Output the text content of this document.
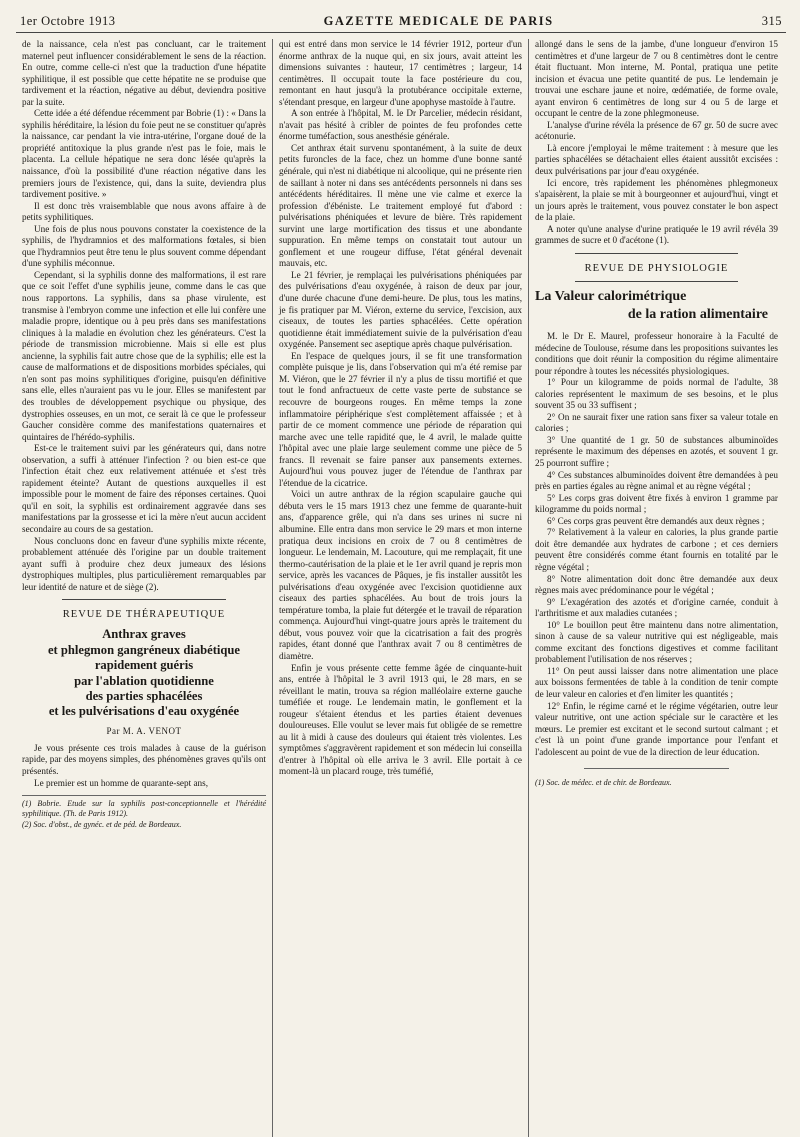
1er Octobre 1913	GAZETTE MEDICALE DE PARIS	315

de la naissance, cela n'est pas concluant, car le traitement maternel peut influencer considérablement le sens de la réaction. En outre, comme celle-ci n'est que la traduction d'une hépatite syphilitique, il est possible que cette hépatite ne se produise que tardivement et la réaction, négative au début, deviendra positive par la suite.

Cette idée a été défendue récemment par Bobrie (1) : « Dans la syphilis héréditaire, la lésion du foie peut ne se constituer qu'après la naissance, car pendant la vie intra-utérine, l'organe doué de la propriété antitoxique la plus grande n'est pas le foie, mais le placenta. La cellule hépatique ne sera donc lésée qu'après la naissance, d'où la possibilité d'une réaction négative dans les premiers jours de l'existence, qui, dans la suite, deviendra plus tardivement positive. »

Il est donc très vraisemblable que nous avons affaire à de petits syphilitiques.

Une fois de plus nous pouvons constater la coexistence de la syphilis, de l'hydramnios et des malformations fœtales, si bien que l'hydramnios peut être tenu le plus souvent comme dépendant d'une syphilis méconnue.

Cependant, si la syphilis donne des malformations, il est rare que ce soit l'effet d'une syphilis jeune, comme dans le cas que nous rapportons. La syphilis, dans sa phase virulente, est transmise à l'embryon comme une infection et elle lui confère une maladie propre, identique ou à peu près dans ses manifestations cliniques à la maladie en évolution chez les générateurs. C'est la période de transmission microbienne. Mais si elle est plus ancienne, la syphilis fait autre chose que de la syphilis; elle est la cause de malformations et de dispositions morbides spéciales, qui n'en sont pas moins syphilitiques d'origine, puisqu'en définitive sans elle, elles n'auraient pas vu le jour. Elles se manifestent par des troubles de développement psychique ou physique, des dystrophies osseuses, en un mot, ce serait là ce que le professeur Gaucher considère comme des manifestations quaternaires et quintaires de l'hérédo-syphilis.

Est-ce le traitement suivi par les générateurs qui, dans notre observation, a suffi à atténuer l'infection ? ou bien est-ce que l'infection était chez eux relativement atténuée et s'est très rapidement éteinte? Autant de questions auxquelles il est impossible pour le moment de faire des réponses certaines. Quoi qu'il en soit, la syphilis est ordinairement aggravée dans ses manifestations par la grossesse et ici la mère n'eut aucun accident secondaire au cours de sa gestation.

Nous concluons donc en faveur d'une syphilis mixte récente, probablement atténuée dès l'origine par un double traitement ayant suffi à produire chez deux jumeaux des lésions dystrophiques multiples, plus particulièrement remarquables par leur identité de nature et de siège (2).

REVUE DE THÉRAPEUTIQUE
Anthrax graves
et phlegmon gangréneux diabétique
rapidement guéris
par l'ablation quotidienne
des parties sphacélées
et les pulvérisations d'eau oxygénée
Par M. A. VENOT

Je vous présente ces trois malades à cause de la guérison rapide, par des moyens simples, des phénomènes graves qu'ils ont présentés.

Le premier est un homme de quarante-sept ans,

(1) Bobrie. Etude sur la syphilis post-conceptionnelle et l'hérédité syphilitique. (Th. de Paris 1912).

(2) Soc. d'obst., de gynéc. et de péd. de Bordeaux.

qui est entré dans mon service le 14 février 1912, porteur d'un énorme anthrax de la nuque qui, en six jours, avait atteint les dimensions suivantes : hauteur, 17 centimètres ; largeur, 14 centimètres. Il occupait toute la face postérieure du cou, remontant en haut jusqu'à la protubérance occipitale externe, s'étendant presque, en largeur d'une apophyse mastoïde à l'autre.

A son entrée à l'hôpital, M. le Dr Parcelier, médecin résidant, n'avait pas hésité à cribler de pointes de feu profondes cette énorme tuméfaction, sous anesthésie générale.

Cet anthrax était survenu spontanément, à la suite de deux petits furoncles de la face, chez un homme d'une bonne santé générale, qui n'est ni diabétique ni alcoolique, qui ne présente rien de saillant à noter ni dans ses antécédents personnels ni dans ses antécédents héréditaires. Il mène une vie calme et exerce la profession d'ébéniste. Le traitement employé fut d'abord : pulvérisations phéniquées et levure de bière. Très rapidement survint une large mortification des tissus et une abondante suppuration. En même temps on constatait tout autour un gonflement et une rougeur diffuse, l'état général devenait mauvais, etc.

Le 21 février, je remplaçai les pulvérisations phéniquées par des pulvérisations d'eau oxygénée, à raison de deux par jour, d'une durée chacune d'une demi-heure. De plus, tous les matins, je fis pratiquer par M. Viéron, externe du service, l'excision, aux ciseaux, de toutes les parties sphacélées. Cette opération quotidienne était immédiatement suivie de la pulvérisation d'eau oxygénée. Pansement sec aseptique après chaque pulvérisation.

En l'espace de quelques jours, il se fit une transformation complète puisque je lis, dans l'observation qui m'a été remise par M. Viéron, que le 27 février il n'y a plus de tissu mortifié et que tout le fond anfractueux de cette vaste perte de substance se recouvre de bourgeons rouges. En même temps la zone inflammatoire périphérique s'est complètement affaissée ; et à partir de ce moment commence une période de réparation qui marche avec une telle rapidité que, le 4 avril, le malade quitte l'hôpital avec une plaie large seulement comme une pièce de 5 francs. Il revenait se faire panser aux pansements externes. Aujourd'hui vous pouvez juger de l'étendue de l'anthrax par l'étendue de la cicatrice.

Voici un autre anthrax de la région scapulaire gauche qui débuta vers le 15 mars 1913 chez une femme de quarante-huit ans, d'apparence grêle, qui n'a dans ses urines ni sucre ni albumine. Elle entra dans mon service le 29 mars et mon interne pratiqua deux incisions en croix de 7 ou 8 centimètres de longueur. Le lendemain, M. Lacouture, qui me remplaçait, fit une thermo-cautérisation de la plaie et le 1er avril quand je repris mon service, après les vacances de Pâques, je fis installer aussitôt les pulvérisations d'eau oxygénée avec l'excision quotidienne aux ciseaux des parties sphacélées. Au bout de trois jours la température tomba, la plaie fut détergée et le travail de réparation commença. Aujourd'hui vingt-quatre jours après le traitement du début, vous pouvez voir que la cicatrisation a fait des progrès rapides, étant donné que l'anthrax avait 7 ou 8 centimètres de diamètre.

Enfin je vous présente cette femme âgée de cinquante-huit ans, entrée à l'hôpital le 3 avril 1913 qui, le 28 mars, en se réveillant le matin, trouva sa région malléolaire externe gauche tuméfiée et rouge. Le lendemain matin, le gonflement et la rougeur s'étaient étendus et les parties étaient devenues douloureuses. Elle voulut se lever mais fut obligée de se remettre au lit à midi à cause des douleurs qui étaient très violentes. Les symptômes s'aggravèrent rapidement et son médecin lui conseilla d'entrer à l'hôpital où elle arriva le 3 avril. Elle portait à ce moment-là un placard rouge, très tuméfié,

allongé dans le sens de la jambe, d'une longueur d'environ 15 centimètres et d'une largeur de 7 ou 8 centimètres dont le centre était fluctuant. Mon interne, M. Pontal, pratiqua une petite incision et évacua une petite quantité de pus. Le lendemain je trouvai une eschare jaune et noire, œdématiée, de forme ovale, ayant environ 6 centimètres de long sur 4 ou 5 de large et occupant le centre de la zone phlegmoneuse.

L'analyse d'urine révéla la présence de 67 gr. 50 de sucre avec acétonurie.

Là encore j'employai le même traitement : à mesure que les parties sphacélées se détachaient elles étaient aussitôt excisées : deux pulvérisations par jour d'eau oxygénée.

Ici encore, très rapidement les phénomènes phlegmoneux s'apaisèrent, la plaie se mit à bourgeonner et aujourd'hui, vingt et un jours après le traitement, vous pouvez constater le bon aspect de la plaie.

A noter qu'une analyse d'urine pratiquée le 19 avril révéla 39 grammes de sucre et 0 d'acétone (1).

REVUE DE PHYSIOLOGIE
La Valeur calorimétrique
de la ration alimentaire

M. le Dr E. Maurel, professeur honoraire à la Faculté de médecine de Toulouse, résume dans les propositions suivantes les conditions que doit réunir la composition du régime alimentaire pour répondre à toutes les nécessités physiologiques.

1° Pour un kilogramme de poids normal de l'adulte, 38 calories représentent le maximum de ses besoins, et le plus souvent 35 ou 33 suffisent ;

2° On ne saurait fixer une ration sans fixer sa valeur totale en calories ;

3° Une quantité de 1 gr. 50 de substances albuminoïdes représente le maximum des dépenses en azotés, et souvent 1 gr. 25 pourront suffire ;

4° Ces substances albuminoïdes doivent être demandées à peu près en parties égales au règne animal et au règne végétal ;

5° Les corps gras doivent être fixés à environ 1 gramme par kilogramme du poids normal ;

6° Ces corps gras peuvent être demandés aux deux règnes ;

7° Relativement à la valeur en calories, la plus grande partie doit être demandée aux hydrates de carbone ; et ces derniers peuvent être considérés comme étant fournis en totalité par le règne végétal ;

8° Notre alimentation doit donc être demandée aux deux règnes mais avec prédominance pour le végétal ;

9° L'exagération des azotés et d'origine carnée, conduit à l'arthritisme et aux maladies cutanées ;

10° Le bouillon peut être maintenu dans notre alimentation, sinon à cause de sa valeur nutritive qui est négligeable, mais comme excitant des fonctions digestives et comme facilitant probablement l'utilisation de nos réserves ;

11° On peut aussi laisser dans notre alimentation une place aux boissons fermentées de table à la condition de tenir compte de leur valeur en calories et d'en limiter les quantités ;

12° Enfin, le régime carné et le régime végétarien, outre leur valeur nutritive, ont une action spéciale sur le caractère et les mœurs. Le premier est excitant et le second surtout calmant ; et c'est là un point d'une grande importance pour l'enfant et l'adolescent au point de vue de la direction de leur éducation.

(1) Soc. de médec. et de chir. de Bordeaux.
